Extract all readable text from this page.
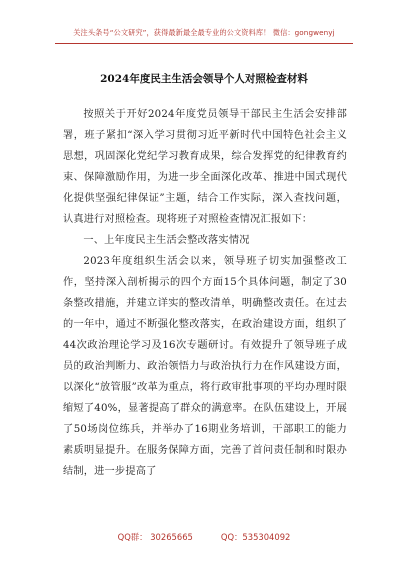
关注头条号“公文研究”，获得最新最全最专业的公文资料库！ 微信：gongwenyj
2024年度民主生活会领导个人对照检查材料

按照关于开好2024年度党员领导干部民主生活会安排部署，班子紧扣“深入学习贯彻习近平新时代中国特色社会主义思想，巩固深化党纪学习教育成果，综合发挥党的纪律教育约束、保障激励作用，为进一步全面深化改革、推进中国式现代化提供坚强纪律保证”主题，结合工作实际，深入查找问题，认真进行对照检查。现将班子对照检查情况汇报如下：

一、上年度民主生活会整改落实情况

2023年度组织生活会以来，领导班子切实加强整改工作，坚持深入剖析揭示的四个方面15个具体问题，制定了30条整改措施，并建立详实的整改清单，明确整改责任。在过去的一年中，通过不断强化整改落实，在政治建设方面，组织了44次政治理论学习及16次专题研讨。有效提升了领导班子成员的政治判断力、政治领悟力与政治执行力在作风建设方面，以深化“放管服”改革为重点，将行政审批事项的平均办理时限缩短了40%，显著提高了群众的满意率。在队伍建设上，开展了50场岗位练兵，并举办了16期业务培训，干部职工的能力素质明显提升。在服务保障方面，完善了首问责任制和时限办结制，进一步提高了

QQ群： 30265665	QQ：535304092
